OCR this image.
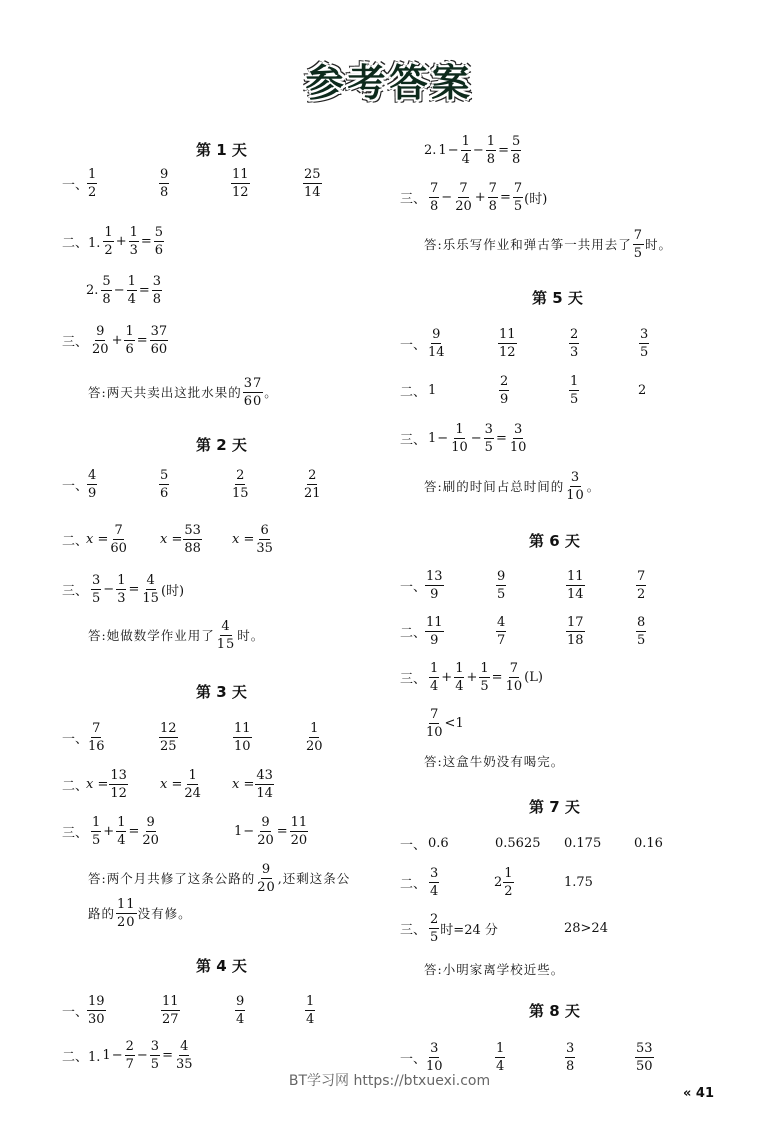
参考答案
第 1 天
一、
$\frac{1}{2}$	$\frac{9}{8}$	$\frac{11}{12}$	$\frac{25}{14}$
二、1. $\frac{1}{2} + \frac{1}{3} = \frac{5}{6}$
2. $\frac{5}{8} - \frac{1}{4} = \frac{3}{8}$
三、 $\frac{9}{20} + \frac{1}{6} = \frac{37}{60}$
答:两天共卖出这批水果的 $\frac{37}{60}$ 。
第 2 天
一、
$\frac{4}{9}$	$\frac{5}{6}$	$\frac{2}{15}$	$\frac{2}{21}$
二、
$x = \frac{7}{60}$ $x = \frac{53}{88}$ $x = \frac{6}{35}$
三、 $\frac{3}{5} - \frac{1}{3} = \frac{4}{15}$ (时)
答:她做数学作业用了 $\frac{4}{15}$ 时。
第 3 天
一、
$\frac{7}{16}$	$\frac{12}{25}$	$\frac{11}{10}$	$\frac{1}{20}$
二、
$x = \frac{13}{12}$ $x = \frac{1}{24}$ $x = \frac{43}{14}$
三、 $\frac{1}{5} + \frac{1}{4} = \frac{9}{20}$	$1 - \frac{9}{20} = \frac{11}{20}$
答:两个月共修了这条公路的 $\frac{9}{20}$ ,还剩这条公
路的 $\frac{11}{20}$ 没有修。
第 4 天
一、
$\frac{19}{30}$	$\frac{11}{27}$	$\frac{9}{4}$	$\frac{1}{4}$
二、1. $1 - \frac{2}{7} - \frac{3}{5} = \frac{4}{35}$
2. $1 - \frac{1}{4} - \frac{1}{8} = \frac{5}{8}$
三、 $\frac{7}{8} - \frac{7}{20} + \frac{7}{8} = \frac{7}{5}$ (时)
答:乐乐写作业和弹古筝一共用去了 $\frac{7}{5}$ 时。
第 5 天
一、 $\frac{9}{14}$	$\frac{11}{12}$	$\frac{2}{3}$	$\frac{3}{5}$
二、 1	$\frac{2}{9}$	$\frac{1}{5}$	2
三、 $1 - \frac{1}{10} - \frac{3}{5} = \frac{3}{10}$
答:刷的时间占总时间的 $\frac{3}{10}$ 。
第 6 天
一、
$\frac{13}{9}$	$\frac{9}{5}$	$\frac{11}{14}$	$\frac{7}{2}$
二、
$\frac{11}{9}$	$\frac{4}{7}$	$\frac{17}{18}$	$\frac{8}{5}$
三、 $\frac{1}{4} + \frac{1}{4} + \frac{1}{5} = \frac{7}{10} (L)$
$\frac{7}{10} <1$
答:这盒牛奶没有喝完。
第 7 天
一、 0.6	0.5625 0.175	0.16
二、 $\frac{3}{4}$	$2 \frac{1}{2}$	1.75
三、 $\frac{2}{5}$ 时=24 分	28>24
答:小明家离学校近些。
第 8 天
一、
$\frac{3}{10}$	$\frac{1}{4}$	$\frac{3}{8}$	$\frac{53}{50}$
BT学习网 https://btxuexi.com
« 41
